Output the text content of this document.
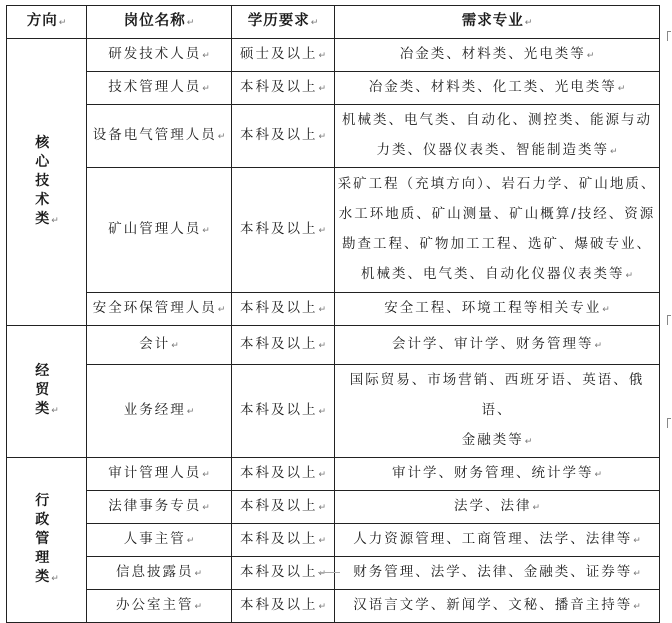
方向↵	岗位名称↵	学历要求↵	需求专业↵
核心技术类 ↵	研发技术人员↵	硕士及以上↵	冶金类、材料类、光电类等↵

	技术管理人员↵	本科及以上↵	冶金类、材料类、化工类、光电类等↵

	设备电气管理人员↵	本科及以上↵	机械类、电气类、自动化、测控类、能源与动
力类、仪器仪表类、智能制造类等↵

	矿山管理人员↵	本科及以上↵	采矿工程（充填方向）、岩石力学、矿山地质、
水工环地质、矿山测量、矿山概算/技经、资源
勘查工程、矿物加工工程、选矿、爆破专业、
机械类、电气类、自动化仪器仪表类等↵

	安全环保管理人员↵	本科及以上↵	安全工程、环境工程等相关专业↵

经贸类 ↵	会计↵	本科及以上↵	会计学、审计学、财务管理等↵

	业务经理↵	本科及以上↵	国际贸易、市场营销、西班牙语、英语、俄语、
金融类等↵

行政管理类 ↵	审计管理人员↵	本科及以上↵	审计学、财务管理、统计学等↵

	法律事务专员↵	本科及以上↵	法学、法律↵

	人事主管↵	本科及以上↵	人力资源管理、工商管理、法学、法律等↵

	信息披露员↵	本科及以上↵	财务管理、法学、法律、金融类、证券等↵

	办公室主管↵	本科及以上↵	汉语言文学、新闻学、文秘、播音主持等↵
